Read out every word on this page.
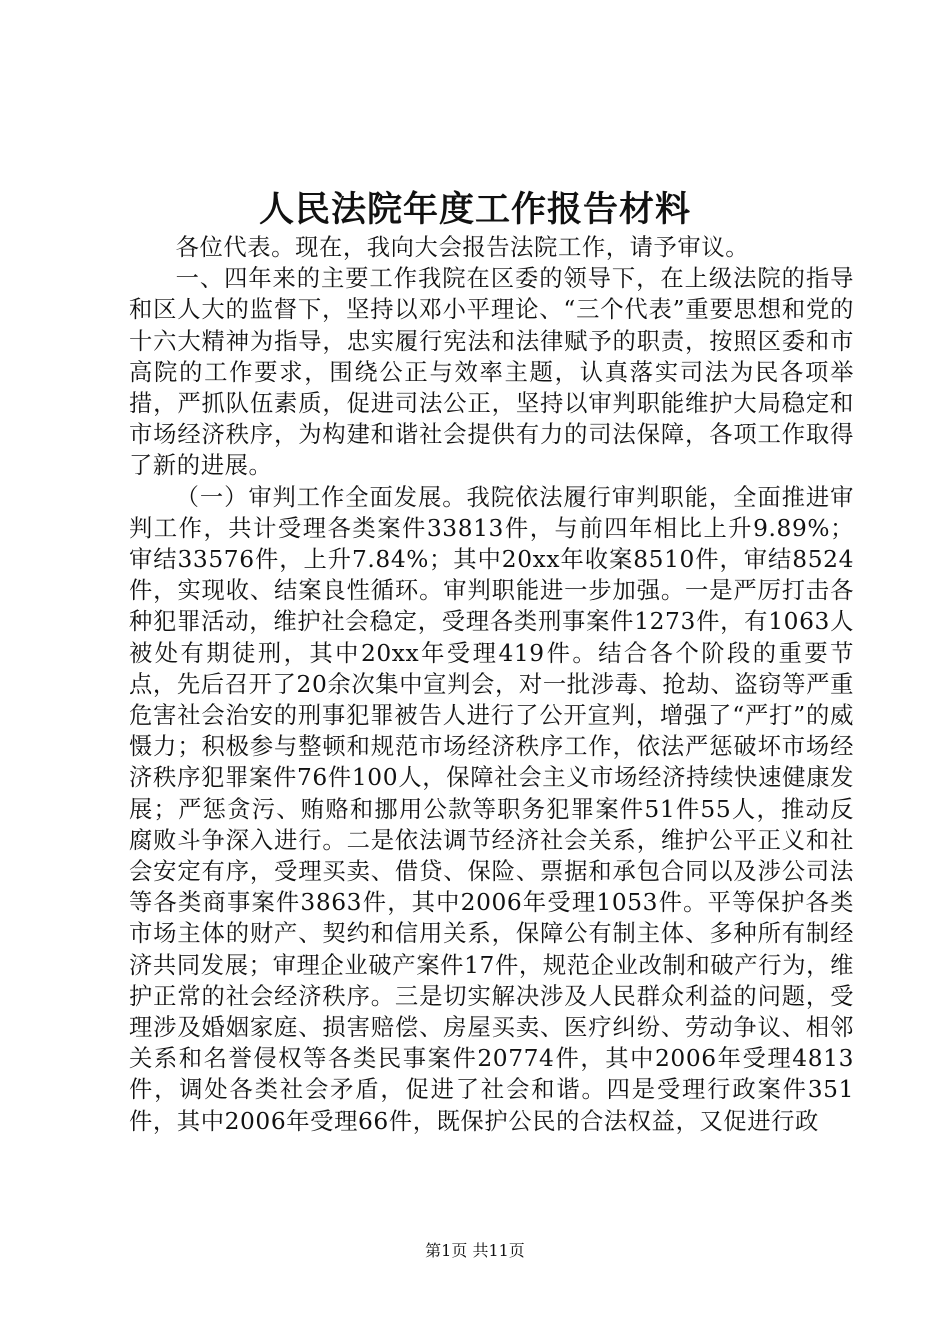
人民法院年度工作报告材料

各位代表。现在，我向大会报告法院工作，请予审议。

一、四年来的主要工作我院在区委的领导下，在上级法院的指导和区人大的监督下，坚持以邓小平理论、“三个代表”重要思想和党的十六大精神为指导，忠实履行宪法和法律赋予的职责，按照区委和市高院的工作要求，围绕公正与效率主题，认真落实司法为民各项举措，严抓队伍素质，促进司法公正，坚持以审判职能维护大局稳定和市场经济秩序，为构建和谐社会提供有力的司法保障，各项工作取得了新的进展。

（一）审判工作全面发展。我院依法履行审判职能，全面推进审判工作，共计受理各类案件33813件，与前四年相比上升9.89%；审结33576件，上升7.84%；其中20xx年收案8510件，审结8524件，实现收、结案良性循环。审判职能进一步加强。一是严厉打击各种犯罪活动，维护社会稳定，受理各类刑事案件1273件，有1063人被处有期徒刑，其中20xx年受理419件。结合各个阶段的重要节点，先后召开了20余次集中宣判会，对一批涉毒、抢劫、盗窃等严重危害社会治安的刑事犯罪被告人进行了公开宣判，增强了“严打”的威慑力；积极参与整顿和规范市场经济秩序工作，依法严惩破坏市场经济秩序犯罪案件76件100人，保障社会主义市场经济持续快速健康发展；严惩贪污、贿赂和挪用公款等职务犯罪案件51件55人，推动反腐败斗争深入进行。二是依法调节经济社会关系，维护公平正义和社会安定有序，受理买卖、借贷、保险、票据和承包合同以及涉公司法等各类商事案件3863件，其中2006年受理1053件。平等保护各类市场主体的财产、契约和信用关系，保障公有制主体、多种所有制经济共同发展；审理企业破产案件17件，规范企业改制和破产行为，维护正常的社会经济秩序。三是切实解决涉及人民群众利益的问题，受理涉及婚姻家庭、损害赔偿、房屋买卖、医疗纠纷、劳动争议、相邻关系和名誉侵权等各类民事案件20774件，其中2006年受理4813件，调处各类社会矛盾，促进了社会和谐。四是受理行政案件351件，其中2006年受理66件，既保护公民的合法权益，又促进行政

第1页 共11页
